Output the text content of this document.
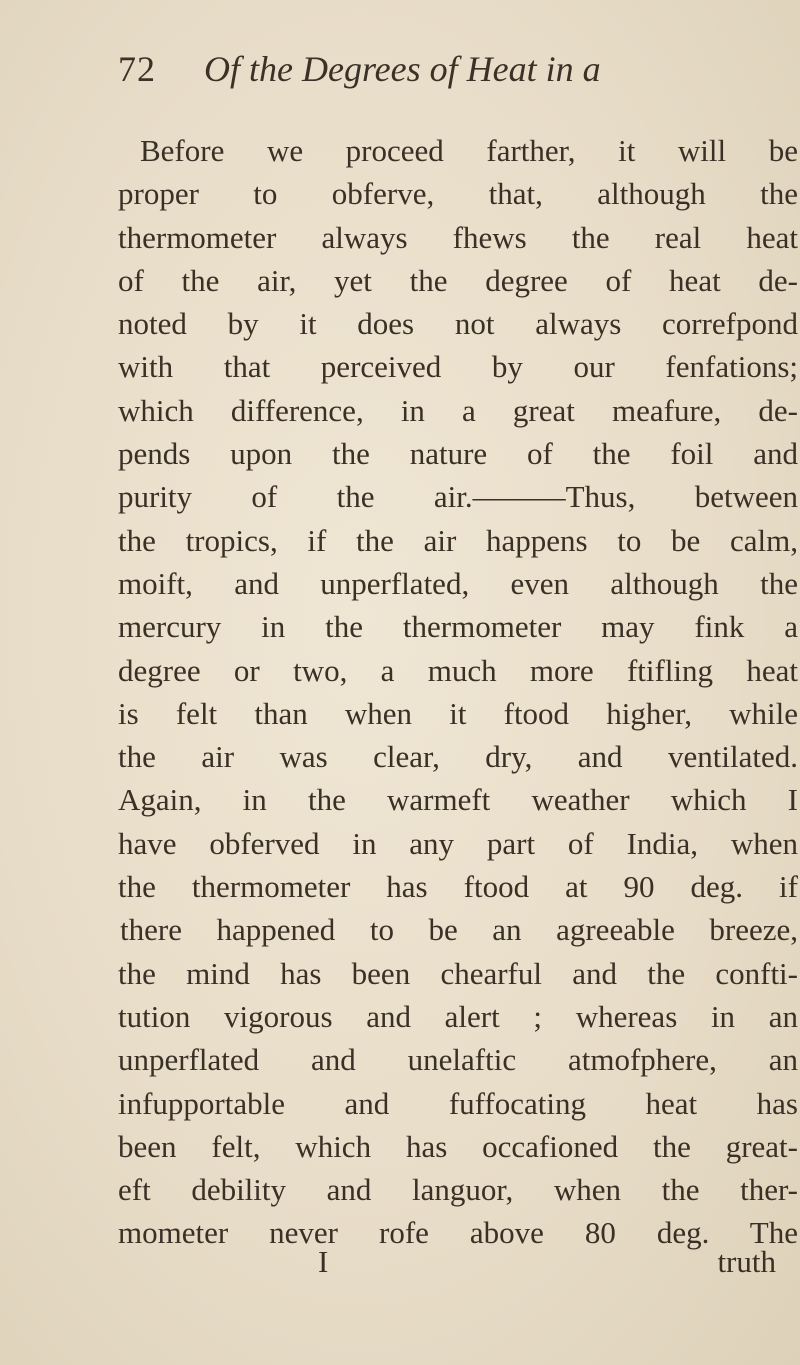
72 Of the Degrees of Heat in a
Before we proceed farther, it will be
proper to obferve, that, although the
thermometer always fhews the real heat
of the air, yet the degree of heat de-
noted by it does not always correfpond
with that perceived by our fenfations;
which difference, in a great meafure, de-
pends upon the nature of the foil and
purity of the air.———Thus, between
the tropics, if the air happens to be calm,
moift, and unperflated, even although the
mercury in the thermometer may fink a
degree or two, a much more ftifling heat
is felt than when it ftood higher, while
the air was clear, dry, and ventilated.
Again, in the warmeft weather which I
have obferved in any part of India, when
the thermometer has ftood at 90 deg. if
there happened to be an agreeable breeze,
the mind has been chearful and the confti-
tution vigorous and alert ; whereas in an
unperflated and unelaftic atmofphere, an
infupportable and fuffocating heat has
been felt, which has occafioned the great-
eft debility and languor, when the ther-
mometer never rofe above 80 deg. The
I	truth
